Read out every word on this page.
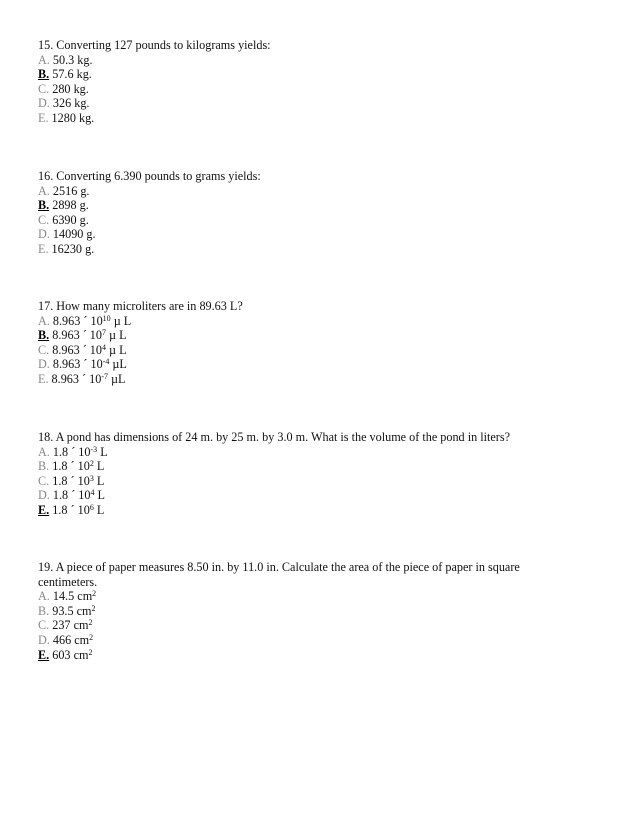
15. Converting 127 pounds to kilograms yields:

A. 50.3 kg.

B. 57.6 kg.

C. 280 kg.

D. 326 kg.

E. 1280 kg.

16. Converting 6.390 pounds to grams yields:

A. 2516 g.

B. 2898 g.

C. 6390 g.

D. 14090 g.

E. 16230 g.

17. How many microliters are in 89.63 L?

A. 8.963 ´ $10^{10}$ µ L

B. 8.963 ´ $10^7$ µ L

C. 8.963 ´ $10^4$ µ L

D. 8.963 ´ $10^{-4}$ µL

E. 8.963 ´ $10^{-7}$ µL

18. A pond has dimensions of 24 m. by 25 m. by 3.0 m. What is the volume of the pond in liters?

A. 1.8 ´ $10^{-3}$ L

B. 1.8 ´ $10^2$ L

C. 1.8 ´ $10^3$ L

D. 1.8 ´ $10^4$ L

E. 1.8 ´ $10^6$ L

19. A piece of paper measures 8.50 in. by 11.0 in. Calculate the area of the piece of paper in square centimeters.

A. 14.5 $cm^2$

B. 93.5 $cm^2$

C. 237 $cm^2$

D. 466 $cm^2$

E. 603 $cm^2$
